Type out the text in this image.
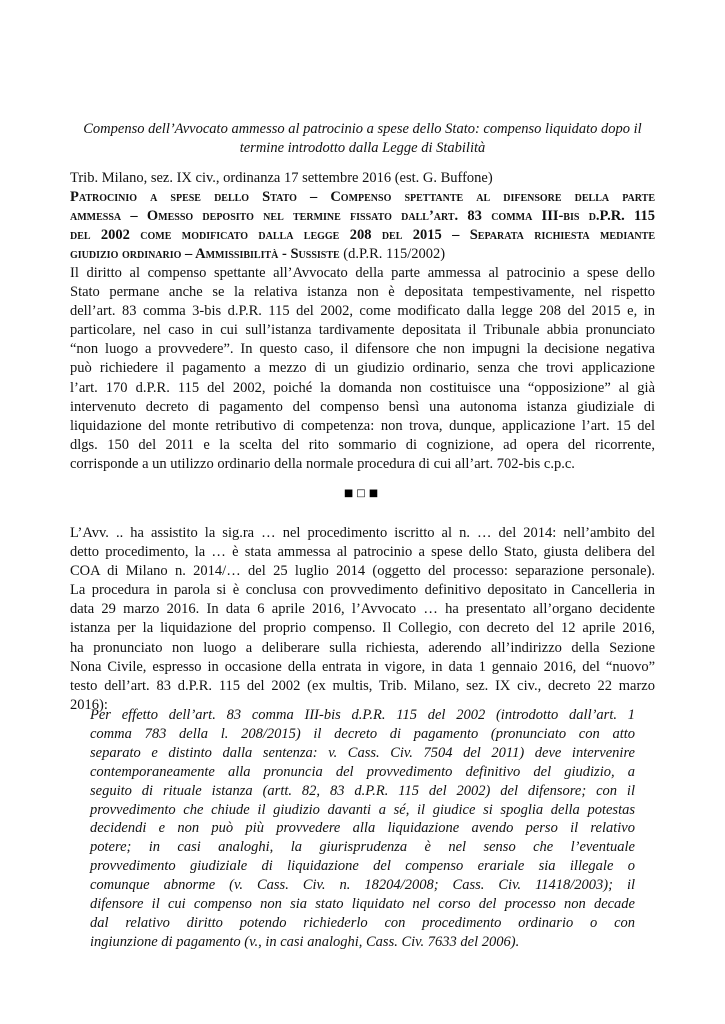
Compenso dell’Avvocato ammesso al patrocinio a spese dello Stato: compenso liquidato dopo il
termine introdotto dalla Legge di Stabilità
Trib. Milano, sez. IX civ., ordinanza 17 settembre 2016 (est. G. Buffone)
Patrocinio a spese dello Stato – Compenso spettante al difensore della parte
ammessa – Omesso deposito nel termine fissato dall’art. 83 comma III-bis d.P.R. 115
del 2002 come modificato dalla legge 208 del 2015 – Separata richiesta mediante
giudizio ordinario – Ammissibilità - Sussiste (d.P.R. 115/2002)
Il diritto al compenso spettante all’Avvocato della parte ammessa al patrocinio a spese dello
Stato permane anche se la relativa istanza non è depositata tempestivamente, nel rispetto
dell’art. 83 comma 3-bis d.P.R. 115 del 2002, come modificato dalla legge 208 del 2015 e, in
particolare, nel caso in cui sull’istanza tardivamente depositata il Tribunale abbia pronunciato
“non luogo a provvedere”. In questo caso, il difensore che non impugni la decisione negativa
può richiedere il pagamento a mezzo di un giudizio ordinario, senza che trovi applicazione
l’art. 170 d.P.R. 115 del 2002, poiché la domanda non costituisce una “opposizione” al già
intervenuto decreto di pagamento del compenso bensì una autonoma istanza giudiziale di
liquidazione del monte retributivo di competenza: non trova, dunque, applicazione l’art. 15 del
dlgs. 150 del 2011 e la scelta del rito sommario di cognizione, ad opera del ricorrente,
corrisponde a un utilizzo ordinario della normale procedura di cui all’art. 702-bis c.p.c.
■□■
L’Avv. .. ha assistito la sig.ra … nel procedimento iscritto al n. … del 2014: nell’ambito del
detto procedimento, la … è stata ammessa al patrocinio a spese dello Stato, giusta delibera del
COA di Milano n. 2014/… del 25 luglio 2014 (oggetto del processo: separazione personale).
La procedura in parola si è conclusa con provvedimento definitivo depositato in Cancelleria in
data 29 marzo 2016. In data 6 aprile 2016, l’Avvocato … ha presentato all’organo decidente
istanza per la liquidazione del proprio compenso. Il Collegio, con decreto del 12 aprile 2016,
ha pronunciato non luogo a deliberare sulla richiesta, aderendo all’indirizzo della Sezione
Nona Civile, espresso in occasione della entrata in vigore, in data 1 gennaio 2016, del “nuovo”
testo dell’art. 83 d.P.R. 115 del 2002 (ex multis, Trib. Milano, sez. IX civ., decreto 22 marzo
2016):
Per effetto dell’art. 83 comma III-bis d.P.R. 115 del 2002 (introdotto dall’art. 1
comma 783 della l. 208/2015) il decreto di pagamento (pronunciato con atto
separato e distinto dalla sentenza: v. Cass. Civ. 7504 del 2011) deve intervenire
contemporaneamente alla pronuncia del provvedimento definitivo del giudizio, a
seguito di rituale istanza (artt. 82, 83 d.P.R. 115 del 2002) del difensore; con il
provvedimento che chiude il giudizio davanti a sé, il giudice si spoglia della potestas
decidendi e non può più provvedere alla liquidazione avendo perso il relativo
potere; in casi analoghi, la giurisprudenza è nel senso che l’eventuale
provvedimento giudiziale di liquidazione del compenso erariale sia illegale o
comunque abnorme (v. Cass. Civ. n. 18204/2008; Cass. Civ. 11418/2003); il
difensore il cui compenso non sia stato liquidato nel corso del processo non decade
dal relativo diritto potendo richiederlo con procedimento ordinario o con
ingiunzione di pagamento (v., in casi analoghi, Cass. Civ. 7633 del 2006).
